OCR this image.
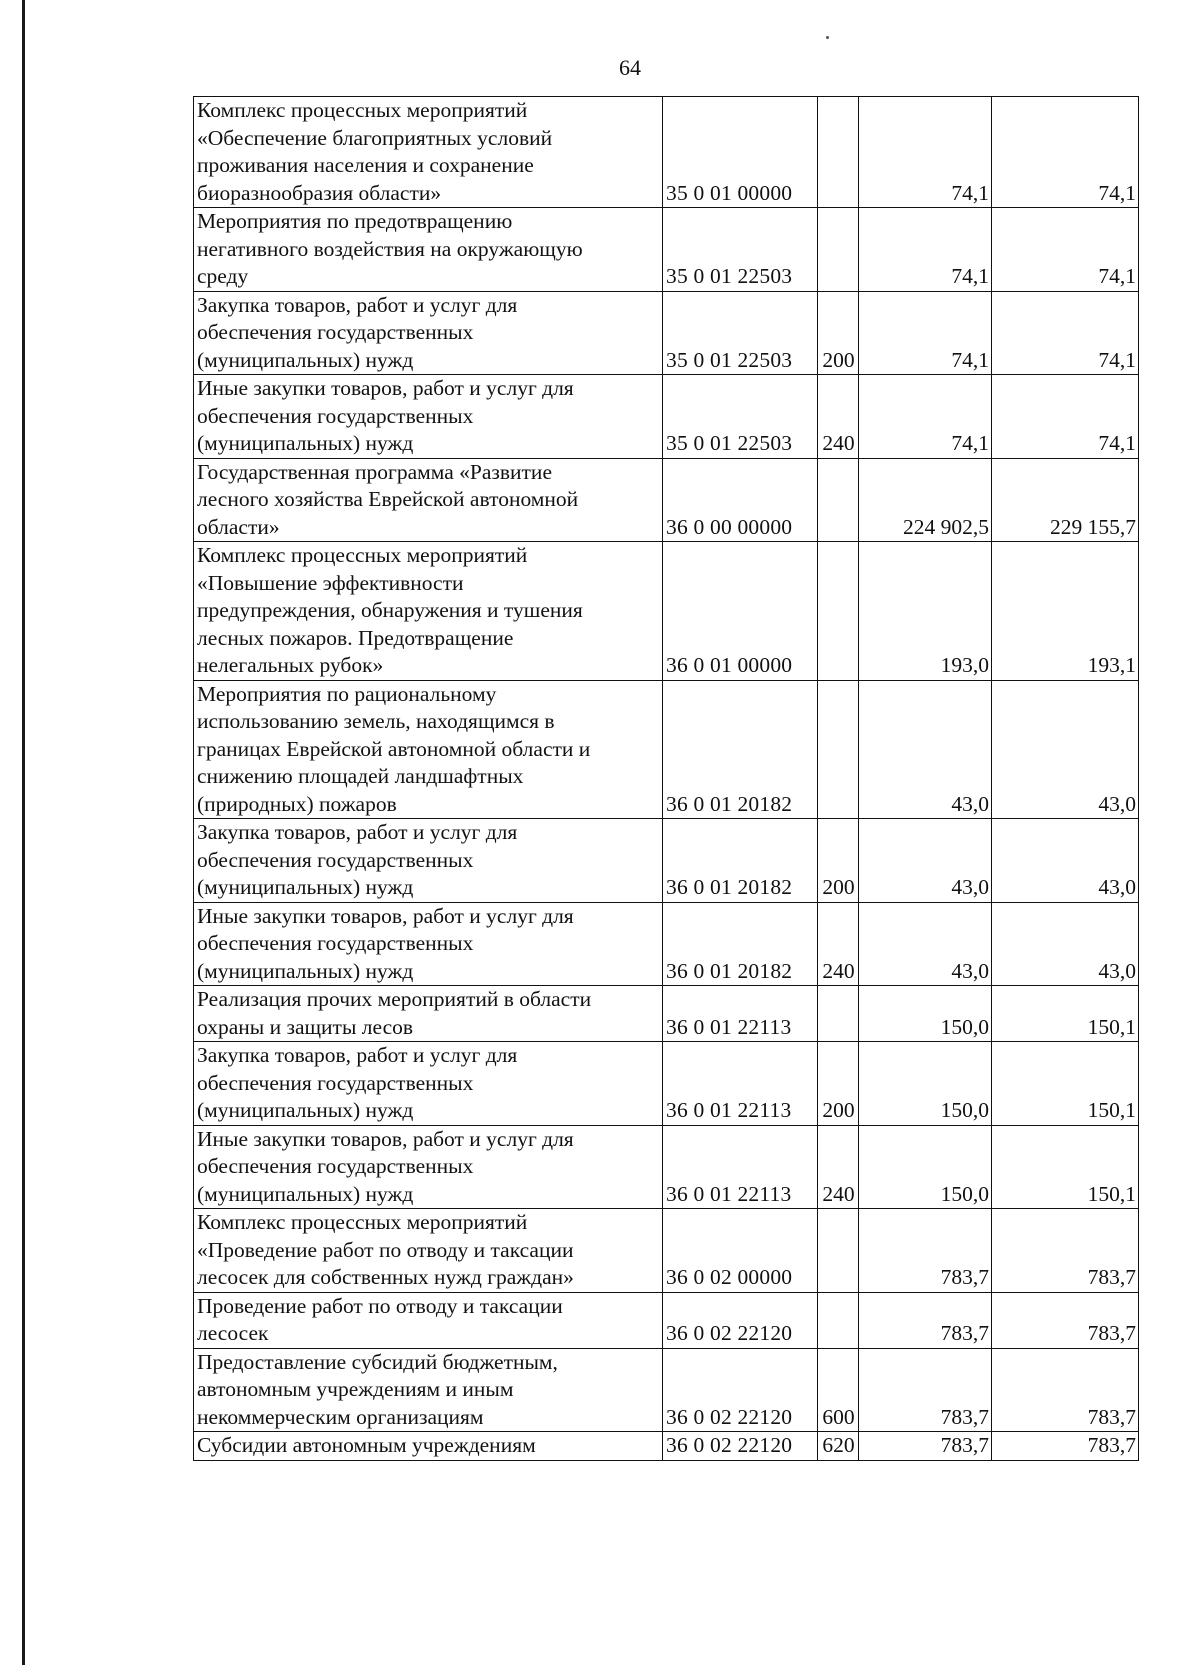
64
Комплекс процессных мероприятий
«Обеспечение благоприятных условий
проживания населения и сохранение
биоразнообразия области»	35 0 01 00000		74,1	74,1
Мероприятия по предотвращению
негативного воздействия на окружающую
среду	35 0 01 22503		74,1	74,1
Закупка товаров, работ и услуг для
обеспечения государственных
(муниципальных) нужд	35 0 01 22503	200	74,1	74,1
Иные закупки товаров, работ и услуг для
обеспечения государственных
(муниципальных) нужд	35 0 01 22503	240	74,1	74,1
Государственная программа «Развитие
лесного хозяйства Еврейской автономной
области»	36 0 00 00000		224 902,5	229 155,7
Комплекс процессных мероприятий
«Повышение эффективности
предупреждения, обнаружения и тушения
лесных пожаров. Предотвращение
нелегальных рубок»	36 0 01 00000		193,0	193,1
Мероприятия по рациональному
использованию земель, находящимся в
границах Еврейской автономной области и
снижению площадей ландшафтных
(природных) пожаров	36 0 01 20182		43,0	43,0
Закупка товаров, работ и услуг для
обеспечения государственных
(муниципальных) нужд	36 0 01 20182	200	43,0	43,0
Иные закупки товаров, работ и услуг для
обеспечения государственных
(муниципальных) нужд	36 0 01 20182	240	43,0	43,0
Реализация прочих мероприятий в области
охраны и защиты лесов	36 0 01 22113		150,0	150,1
Закупка товаров, работ и услуг для
обеспечения государственных
(муниципальных) нужд	36 0 01 22113	200	150,0	150,1
Иные закупки товаров, работ и услуг для
обеспечения государственных
(муниципальных) нужд	36 0 01 22113	240	150,0	150,1
Комплекс процессных мероприятий
«Проведение работ по отводу и таксации
лесосек для собственных нужд граждан»	36 0 02 00000		783,7	783,7
Проведение работ по отводу и таксации
лесосек	36 0 02 22120		783,7	783,7
Предоставление субсидий бюджетным,
автономным учреждениям и иным
некоммерческим организациям	36 0 02 22120	600	783,7	783,7
Субсидии автономным учреждениям	36 0 02 22120	620	783,7	783,7
